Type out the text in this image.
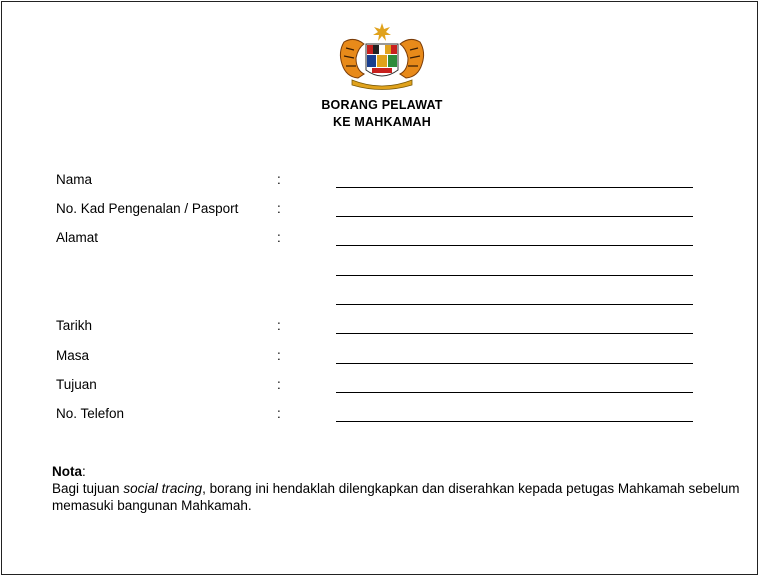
BORANG PELAWAT
KE MAHKAMAH
Nama	:
No. Kad Pengenalan / Pasport	:
Alamat	:
Tarikh	:
Masa	:
Tujuan	:
No. Telefon	:
Nota:
Bagi tujuan social tracing, borang ini hendaklah dilengkapkan dan diserahkan kepada petugas Mahkamah sebelum memasuki bangunan Mahkamah.
